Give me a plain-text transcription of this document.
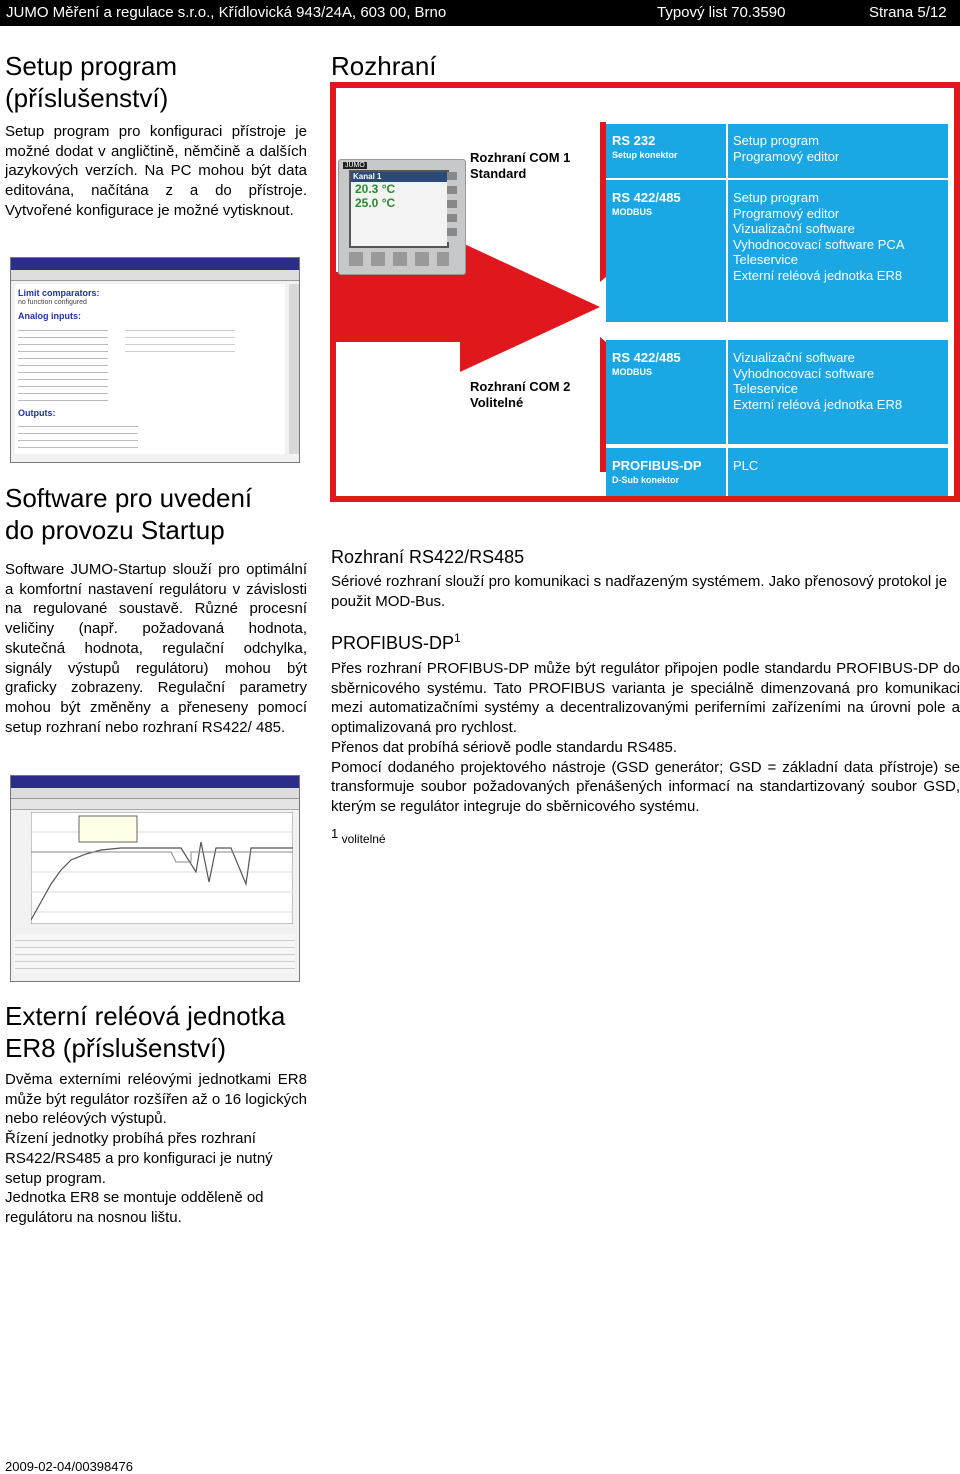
JUMO Měření a regulace s.r.o., Křídlovická 943/24A, 603 00, Brno	Typový list 70.3590	Strana 5/12
Setup program
(příslušenství)

Setup program pro konfiguraci přístroje je možné dodat v angličtině, němčině a dalších jazykových verzích. Na PC mohou být data editována, načítána z a do přístroje. Vytvořené konfigurace je možné vytisknout.

Limit comparators:
no function configured
Analog inputs:
Outputs:
Software pro uvedení
do provozu Startup

Software JUMO-Startup slouží pro optimální a komfortní nastavení regulátoru v závislosti na regulované soustavě. Různé procesní veličiny (např. požadovaná hodnota, skutečná hodnota, regulační odchylka, signály výstupů regulátoru) mohou být graficky zobrazeny. Regulační parametry mohou být změněny a přeneseny pomocí setup rozhraní nebo rozhraní RS422/ 485.

Externí reléová jednotka
ER8 (příslušenství)

Dvěma externími reléovými jednotkami ER8 může být regulátor rozšířen až o 16 logických nebo reléových výstupů.

Řízení jednotky probíhá přes rozhraní RS422/RS485 a pro konfiguraci je nutný setup program.

Jednotka ER8 se montuje odděleně od regulátoru na nosnou lištu.

Rozhraní
Kanal 1
20.3 °C
25.0 °C
JUMO
Rozhraní COM 1
Standard
Rozhraní COM 2
Volitelné
RS 232
Setup konektor
Setup program
Programový editor
RS 422/485
MODBUS
Setup program
Programový editor
Vizualizační software
Vyhodnocovací software PCA
Teleservice
Externí reléová jednotka ER8
RS 422/485
MODBUS
Vizualizační software
Vyhodnocovací software
Teleservice
Externí reléová jednotka ER8
PROFIBUS-DP
D-Sub konektor
PLC
Rozhraní RS422/RS485

Sériové rozhraní slouží pro komunikaci s nadřazeným systémem. Jako přenosový protokol je použit MOD-Bus.

PROFIBUS-$DP^1$

Přes rozhraní PROFIBUS-DP může být regulátor připojen podle standardu PROFIBUS-DP do sběrnicového systému. Tato PROFIBUS varianta je speciálně dimenzovaná pro komunikaci mezi automatizačními systémy a decentralizovanými periferními zařízeními na úrovni pole a optimalizovaná pro rychlost.

Přenos dat probíhá sériově podle standardu RS485.

Pomocí dodaného projektového nástroje (GSD generátor; GSD = základní data přístroje) se transformuje soubor požadovaných přenášených informací na standartizovaný soubor GSD, kterým se regulátor integruje do sběrnicového systému.

1 volitelné
2009-02-04/00398476
